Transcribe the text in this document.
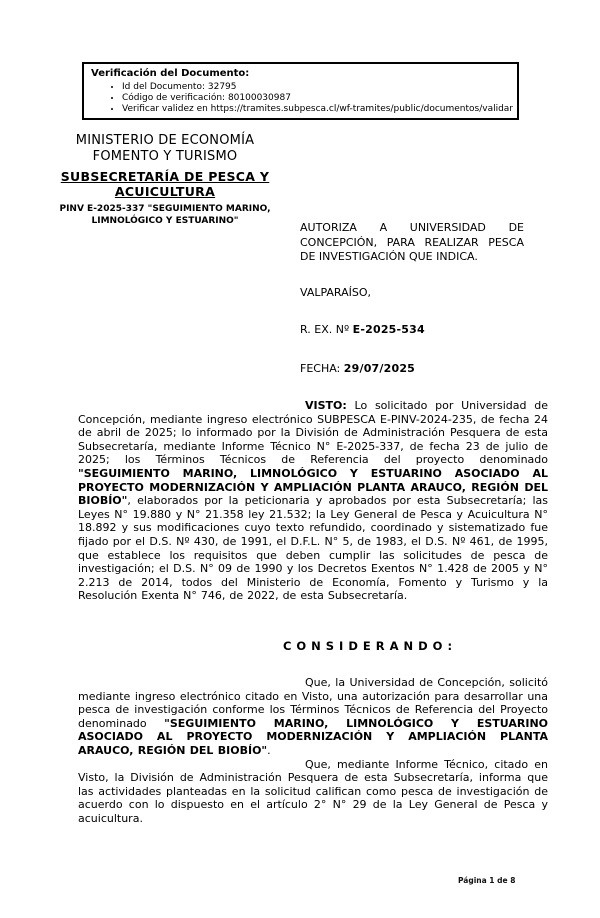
Verificación del Documento:
• Id del Documento: 32795
• Código de verificación: 80100030987
• Verificar validez en https://tramites.subpesca.cl/wf-tramites/public/documentos/validar
MINISTERIO DE ECONOMÍA
FOMENTO Y TURISMO
SUBSECRETARÍA DE PESCA Y ACUICULTURA
PINV E-2025-337 "SEGUIMIENTO MARINO, LIMNOLÓGICO Y ESTUARINO"	AUTORIZA A UNIVERSIDAD DE CONCEPCIÓN, PARA REALIZAR PESCA DE INVESTIGACIÓN QUE INDICA.
VALPARAÍSO,
R. EX. Nº E-2025-534
FECHA: 29/07/2025

VISTO: Lo solicitado por Universidad de Concepción, mediante ingreso electrónico SUBPESCA E-PINV-2024-235, de fecha 24 de abril de 2025; lo informado por la División de Administración Pesquera de esta Subsecretaría, mediante Informe Técnico N° E-2025-337, de fecha 23 de julio de 2025; los Términos Técnicos de Referencia del proyecto denominado "SEGUIMIENTO MARINO, LIMNOLÓGICO Y ESTUARINO ASOCIADO AL PROYECTO MODERNIZACIÓN Y AMPLIACIÓN PLANTA ARAUCO, REGIÓN DEL BIOBÍO", elaborados por la peticionaria y aprobados por esta Subsecretaría; las Leyes N° 19.880 y N° 21.358 ley 21.532; la Ley General de Pesca y Acuicultura N° 18.892 y sus modificaciones cuyo texto refundido, coordinado y sistematizado fue fijado por el D.S. Nº 430, de 1991, el D.F.L. N° 5, de 1983, el D.S. Nº 461, de 1995, que establece los requisitos que deben cumplir las solicitudes de pesca de investigación; el D.S. N° 09 de 1990 y los Decretos Exentos N° 1.428 de 2005 y N° 2.213 de 2014, todos del Ministerio de Economía, Fomento y Turismo y la Resolución Exenta N° 746, de 2022, de esta Subsecretaría.

CONSIDERANDO:

Que, la Universidad de Concepción, solicitó mediante ingreso electrónico citado en Visto, una autorización para desarrollar una pesca de investigación conforme los Términos Técnicos de Referencia del Proyecto denominado "SEGUIMIENTO MARINO, LIMNOLÓGICO Y ESTUARINO ASOCIADO AL PROYECTO MODERNIZACIÓN Y AMPLIACIÓN PLANTA ARAUCO, REGIÓN DEL BIOBÍO".

Que, mediante Informe Técnico, citado en Visto, la División de Administración Pesquera de esta Subsecretaría, informa que las actividades planteadas en la solicitud califican como pesca de investigación de acuerdo con lo dispuesto en el artículo 2° N° 29 de la Ley General de Pesca y acuicultura.

Página 1 de 8
